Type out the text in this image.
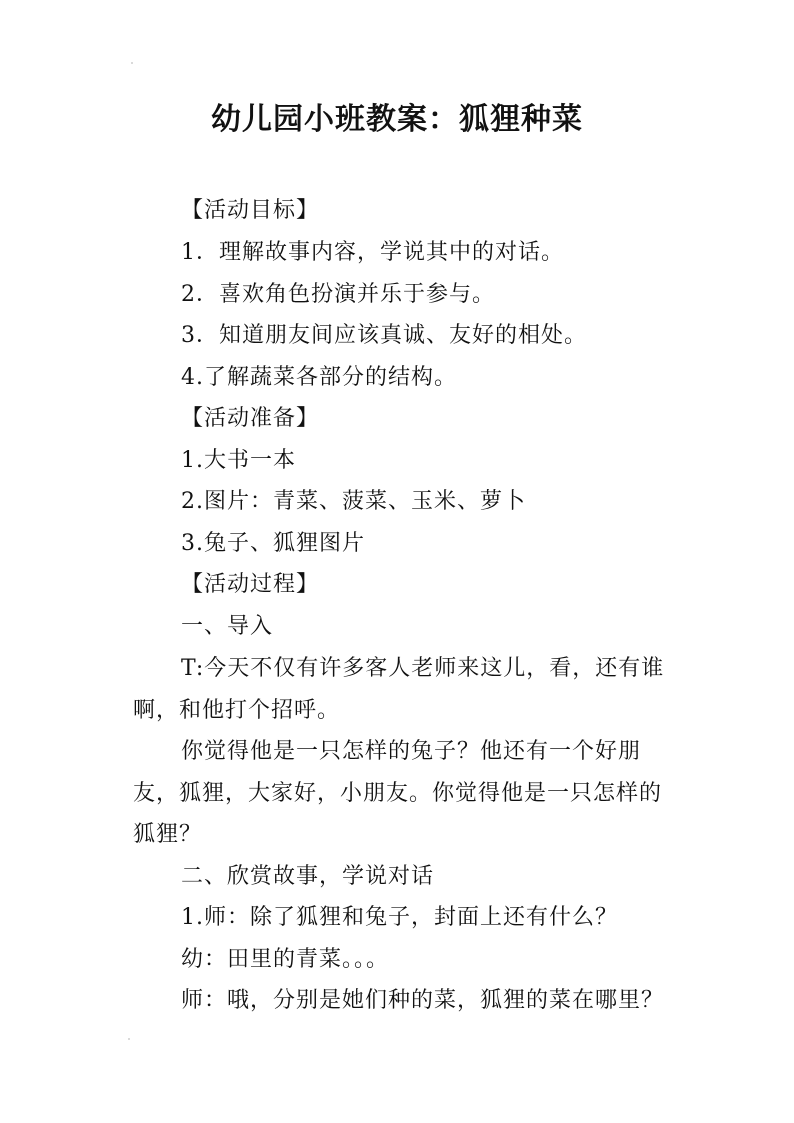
幼儿园小班教案：狐狸种菜
【活动目标】
1．理解故事内容，学说其中的对话。
2．喜欢角色扮演并乐于参与。
3．知道朋友间应该真诚、友好的相处。
4.了解蔬菜各部分的结构。
【活动准备】
1.大书一本
2.图片：青菜、菠菜、玉米、萝卜
3.兔子、狐狸图片
【活动过程】
一、导入
T:今天不仅有许多客人老师来这儿，看，还有谁啊，和他打个招呼。
你觉得他是一只怎样的兔子？他还有一个好朋友，狐狸，大家好，小朋友。你觉得他是一只怎样的狐狸？
二、欣赏故事，学说对话
1.师：除了狐狸和兔子，封面上还有什么？
幼：田里的青菜。。。
师：哦，分别是她们种的菜，狐狸的菜在哪里？
